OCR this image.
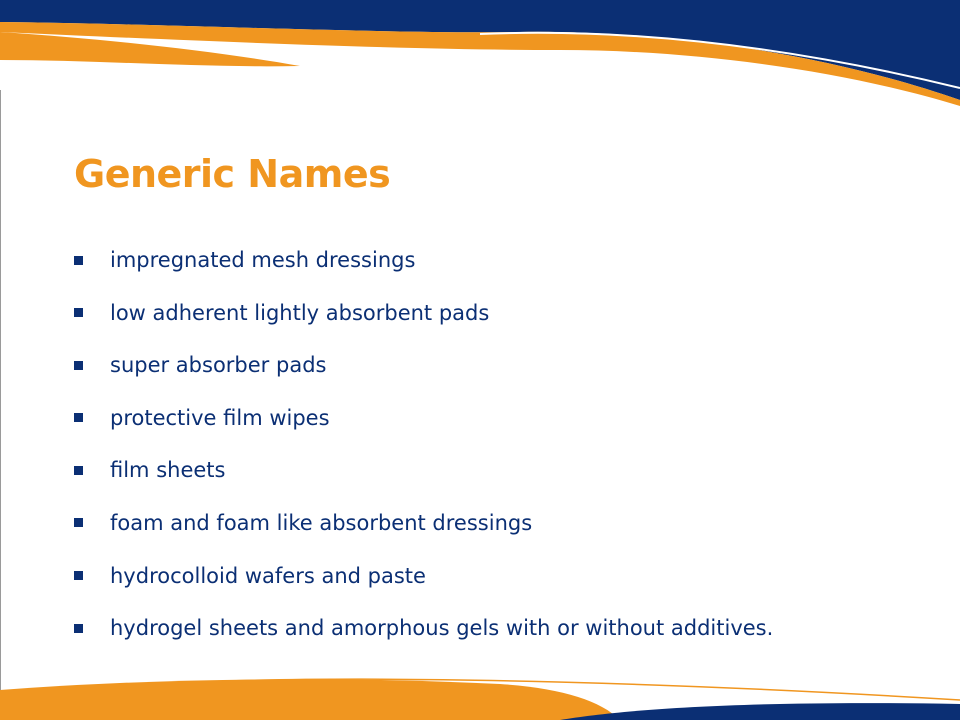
Generic Names
impregnated mesh dressings
low adherent lightly absorbent pads
super absorber pads
protective film wipes
film sheets
foam and foam like absorbent dressings
hydrocolloid wafers and paste
hydrogel sheets and amorphous gels with or without additives.
